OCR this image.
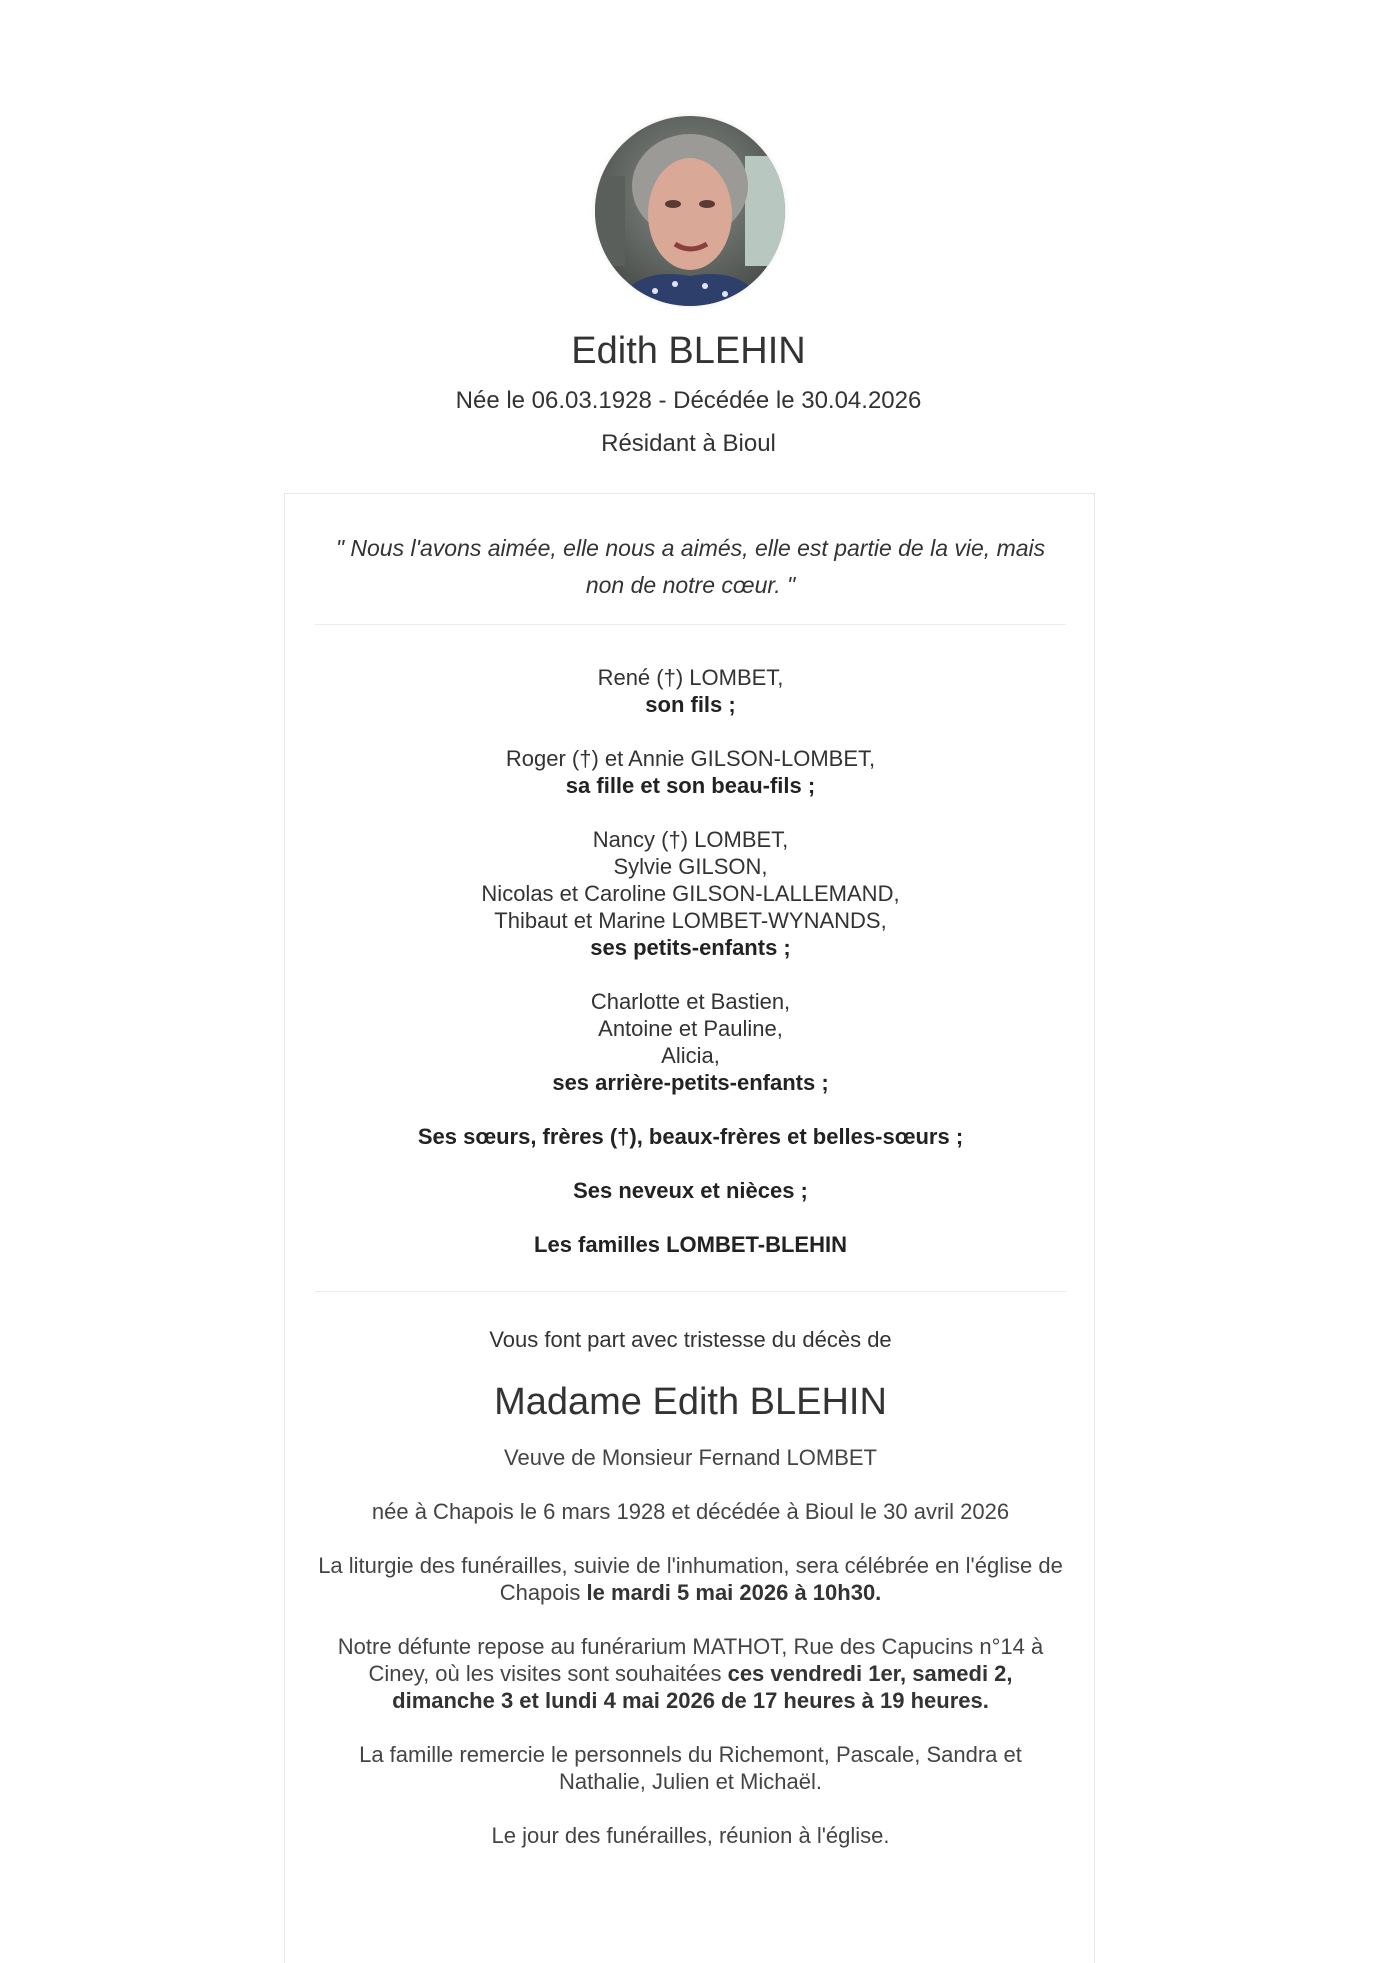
Edith BLEHIN
Née le 06.03.1928 - Décédée le 30.04.2026
Résidant à Bioul
" Nous l'avons aimée, elle nous a aimés, elle est partie de la vie, mais non de notre cœur. "
René (†) LOMBET,
son fils ;
Roger (†) et Annie GILSON-LOMBET,
sa fille et son beau-fils ;
Nancy (†) LOMBET,
Sylvie GILSON,
Nicolas et Caroline GILSON-LALLEMAND,
Thibaut et Marine LOMBET-WYNANDS,
ses petits-enfants ;
Charlotte et Bastien,
Antoine et Pauline,
Alicia,
ses arrière-petits-enfants ;
Ses sœurs, frères (†), beaux-frères et belles-sœurs ;
Ses neveux et nièces ;
Les familles LOMBET-BLEHIN
Vous font part avec tristesse du décès de
Madame Edith BLEHIN

Veuve de Monsieur Fernand LOMBET

née à Chapois le 6 mars 1928 et décédée à Bioul le 30 avril 2026

La liturgie des funérailles, suivie de l'inhumation, sera célébrée en l'église de Chapois le mardi 5 mai 2026 à 10h30.

Notre défunte repose au funérarium MATHOT, Rue des Capucins n°14 à Ciney, où les visites sont souhaitées ces vendredi 1er, samedi 2, dimanche 3 et lundi 4 mai 2026 de 17 heures à 19 heures.

La famille remercie le personnels du Richemont, Pascale, Sandra et Nathalie, Julien et Michaël.

Le jour des funérailles, réunion à l'église.
